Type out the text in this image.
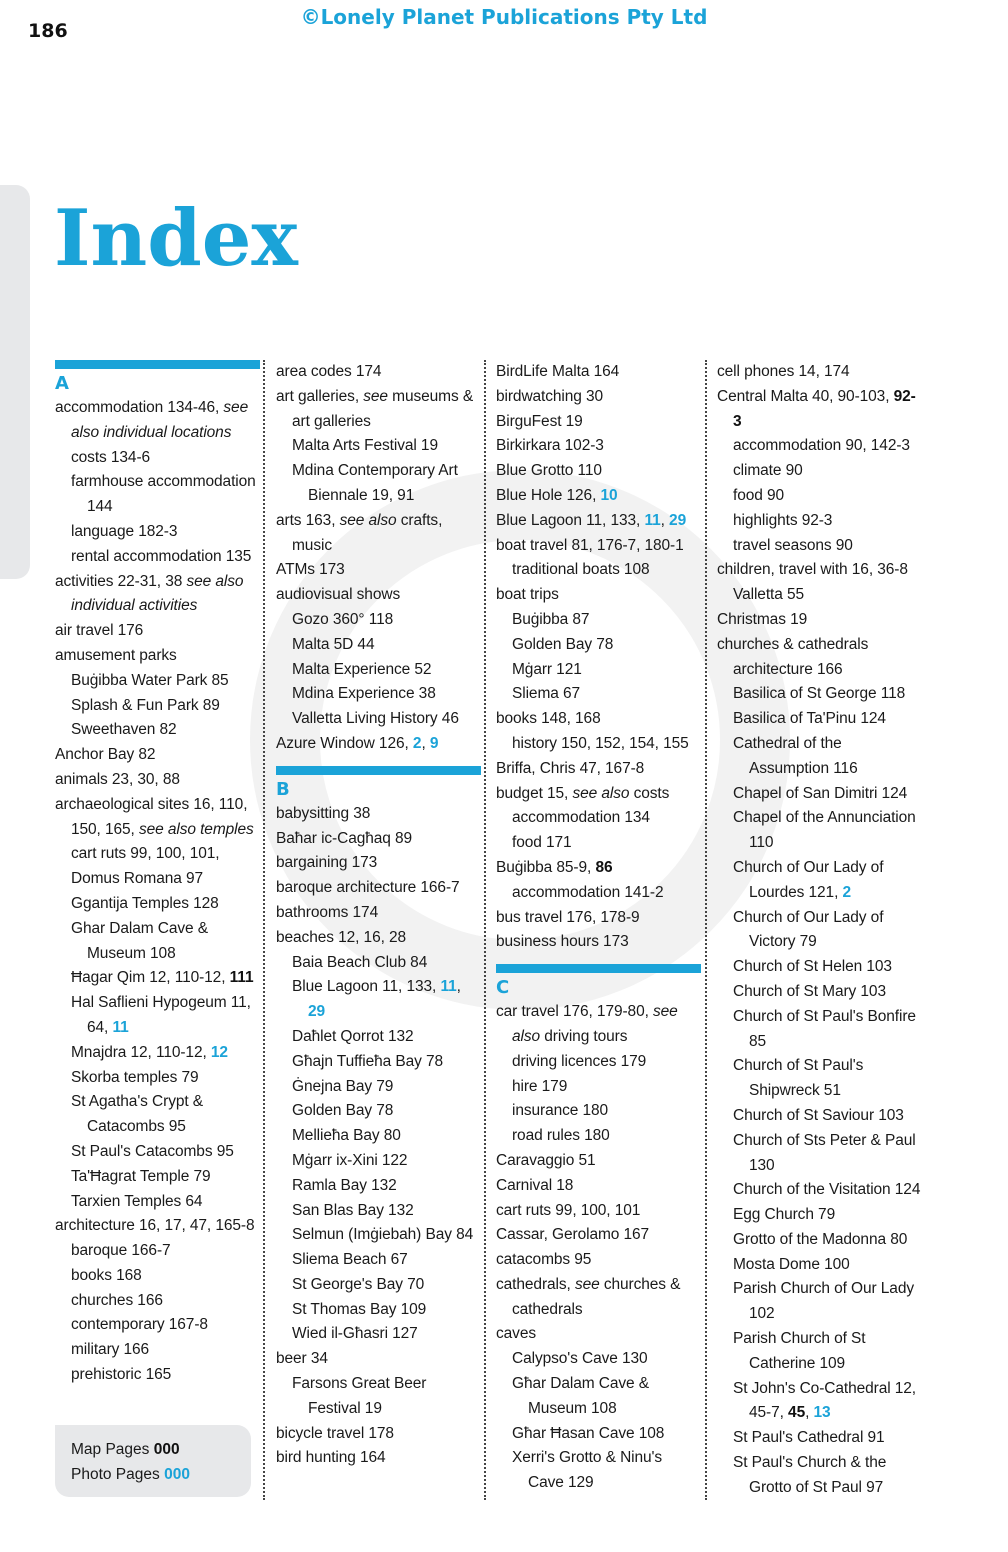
©Lonely Planet Publications Pty Ltd
186
Index
A
accommodation 134-46, see also individual locations
costs 134-6
farmhouse accommodation 144
language 182-3
rental accommodation 135
activities 22-31, 38 see also individual activities
air travel 176
amusement parks
Buġibba Water Park 85
Splash & Fun Park 89
Sweethaven 82
Anchor Bay 82
animals 23, 30, 88
archaeological sites 16, 110, 150, 165, see also temples
cart ruts 99, 100, 101,
Domus Romana 97
Ggantija Temples 128
Ghar Dalam Cave & Museum 108
Ħagar Qim 12, 110-12, 111
Hal Saflieni Hypogeum 11, 64, 11
Mnajdra 12, 110-12, 12
Skorba temples 79
St Agatha's Crypt & Catacombs 95
St Paul's Catacombs 95
Ta'Ħagrat Temple 79
Tarxien Temples 64
architecture 16, 17, 47, 165-8
baroque 166-7
books 168
churches 166
contemporary 167-8
military 166
prehistoric 165
area codes 174
art galleries, see museums & art galleries
Malta Arts Festival 19
Mdina Contemporary Art Biennale 19, 91
arts 163, see also crafts, music
ATMs 173
audiovisual shows
Gozo 360° 118
Malta 5D 44
Malta Experience 52
Mdina Experience 38
Valletta Living History 46
Azure Window 126, 2, 9
B
babysitting 38
Baħar ic-Cagħaq 89
bargaining 173
baroque architecture 166-7
bathrooms 174
beaches 12, 16, 28
Baia Beach Club 84
Blue Lagoon 11, 133, 11, 29
Daħlet Qorrot 132
Għajn Tuffieħa Bay 78
Ġnejna Bay 79
Golden Bay 78
Mellieħa Bay 80
Mġarr ix-Xini 122
Ramla Bay 132
San Blas Bay 132
Selmun (Imġiebah) Bay 84
Sliema Beach 67
St George's Bay 70
St Thomas Bay 109
Wied il-Għasri 127
beer 34
Farsons Great Beer Festival 19
bicycle travel 178
bird hunting 164
BirdLife Malta 164
birdwatching 30
BirguFest 19
Birkirkara 102-3
Blue Grotto 110
Blue Hole 126, 10
Blue Lagoon 11, 133, 11, 29
boat travel 81, 176-7, 180-1
traditional boats 108
boat trips
Buġibba 87
Golden Bay 78
Mġarr 121
Sliema 67
books 148, 168
history 150, 152, 154, 155
Briffa, Chris 47, 167-8
budget 15, see also costs
accommodation 134
food 171
Buġibba 85-9, 86
accommodation 141-2
bus travel 176, 178-9
business hours 173
C
car travel 176, 179-80, see also driving tours
driving licences 179
hire 179
insurance 180
road rules 180
Caravaggio 51
Carnival 18
cart ruts 99, 100, 101
Cassar, Gerolamo 167
catacombs 95
cathedrals, see churches & cathedrals
caves
Calypso's Cave 130
Għar Dalam Cave & Museum 108
Għar Ħasan Cave 108
Xerri's Grotto & Ninu's Cave 129
cell phones 14, 174
Central Malta 40, 90-103, 92-3
accommodation 90, 142-3
climate 90
food 90
highlights 92-3
travel seasons 90
children, travel with 16, 36-8
Valletta 55
Christmas 19
churches & cathedrals
architecture 166
Basilica of St George 118
Basilica of Ta'Pinu 124
Cathedral of the Assumption 116
Chapel of San Dimitri 124
Chapel of the Annunciation 110
Church of Our Lady of Lourdes 121, 2
Church of Our Lady of Victory 79
Church of St Helen 103
Church of St Mary 103
Church of St Paul's Bonfire 85
Church of St Paul's Shipwreck 51
Church of St Saviour 103
Church of Sts Peter & Paul 130
Church of the Visitation 124
Egg Church 79
Grotto of the Madonna 80
Mosta Dome 100
Parish Church of Our Lady 102
Parish Church of St Catherine 109
St John's Co-Cathedral 12, 45-7, 45, 13
St Paul's Cathedral 91
St Paul's Church & the Grotto of St Paul 97
Map Pages 000
Photo Pages 000
